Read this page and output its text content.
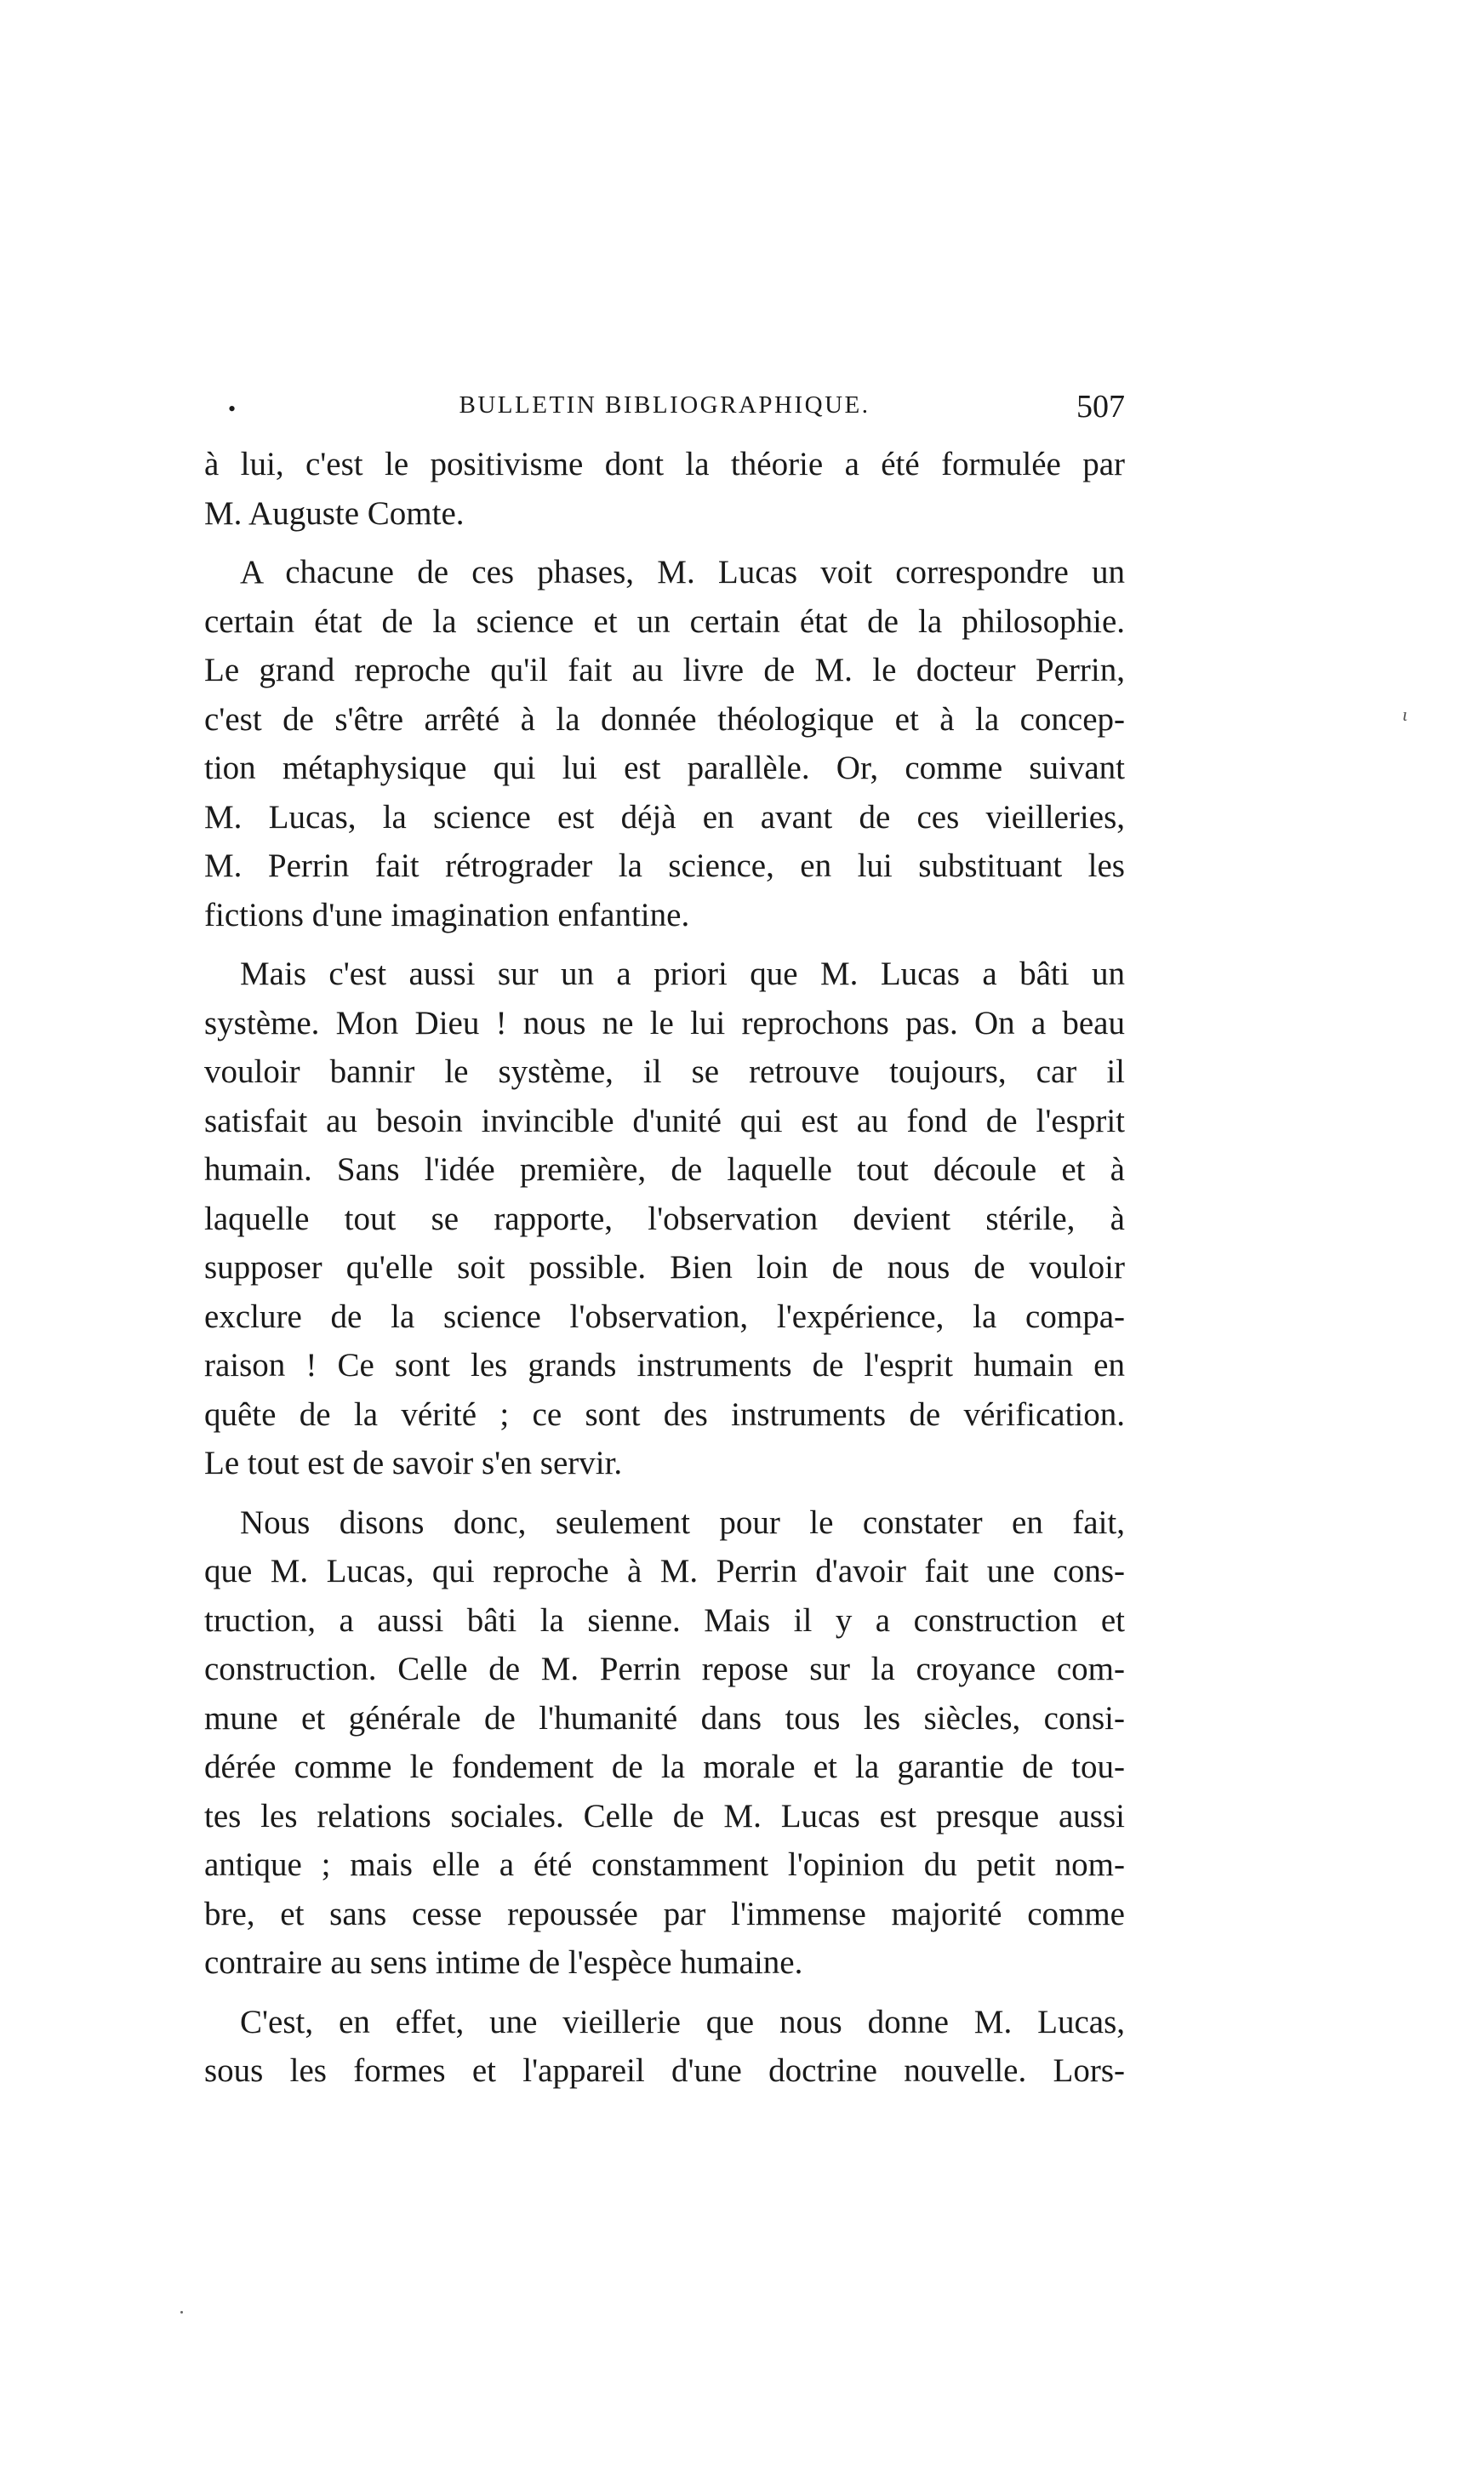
•	BULLETIN BIBLIOGRAPHIQUE.	507
ι

à lui, c'est le positivisme dont la théorie a été formulée par

M. Auguste Comte.

A chacune de ces phases, M. Lucas voit correspondre un

certain état de la science et un certain état de la philosophie.

Le grand reproche qu'il fait au livre de M. le docteur Perrin,

c'est de s'être arrêté à la donnée théologique et à la concep-

tion métaphysique qui lui est parallèle. Or, comme suivant

M. Lucas, la science est déjà en avant de ces vieilleries,

M. Perrin fait rétrograder la science, en lui substituant les

fictions d'une imagination enfantine.

Mais c'est aussi sur un a priori que M. Lucas a bâti un

système. Mon Dieu ! nous ne le lui reprochons pas. On a beau

vouloir bannir le système, il se retrouve toujours, car il

satisfait au besoin invincible d'unité qui est au fond de l'esprit

humain. Sans l'idée première, de laquelle tout découle et à

laquelle tout se rapporte, l'observation devient stérile, à

supposer qu'elle soit possible. Bien loin de nous de vouloir

exclure de la science l'observation, l'expérience, la compa-

raison ! Ce sont les grands instruments de l'esprit humain en

quête de la vérité ; ce sont des instruments de vérification.

Le tout est de savoir s'en servir.

Nous disons donc, seulement pour le constater en fait,

que M. Lucas, qui reproche à M. Perrin d'avoir fait une cons-

truction, a aussi bâti la sienne. Mais il y a construction et

construction. Celle de M. Perrin repose sur la croyance com-

mune et générale de l'humanité dans tous les siècles, consi-

dérée comme le fondement de la morale et la garantie de tou-

tes les relations sociales. Celle de M. Lucas est presque aussi

antique ; mais elle a été constamment l'opinion du petit nom-

bre, et sans cesse repoussée par l'immense majorité comme

contraire au sens intime de l'espèce humaine.

C'est, en effet, une vieillerie que nous donne M. Lucas,

sous les formes et l'appareil d'une doctrine nouvelle. Lors-
